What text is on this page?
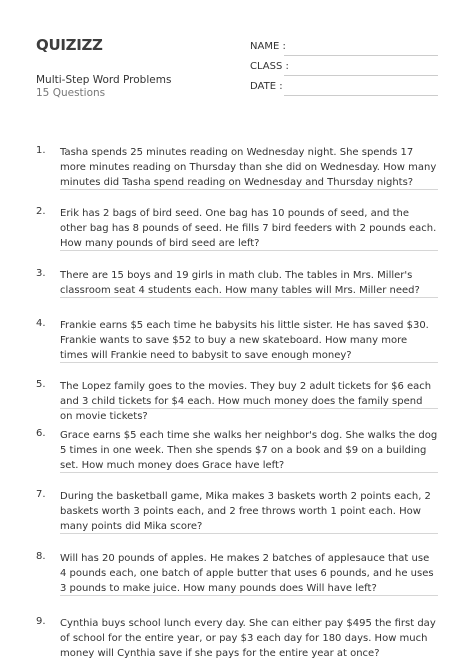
QUIZIZZ
Multi-Step Word Problems
15 Questions
NAME :
CLASS :
DATE :
1. Tasha spends 25 minutes reading on Wednesday night. She spends 17 more minutes reading on Thursday than she did on Wednesday. How many minutes did Tasha spend reading on Wednesday and Thursday nights?
2. Erik has 2 bags of bird seed. One bag has 10 pounds of seed, and the other bag has 8 pounds of seed. He fills 7 bird feeders with 2 pounds each. How many pounds of bird seed are left?
3. There are 15 boys and 19 girls in math club. The tables in Mrs. Miller's classroom seat 4 students each. How many tables will Mrs. Miller need?
4. Frankie earns $5 each time he babysits his little sister. He has saved $30. Frankie wants to save $52 to buy a new skateboard. How many more times will Frankie need to babysit to save enough money?
5. The Lopez family goes to the movies. They buy 2 adult tickets for $6 each and 3 child tickets for $4 each. How much money does the family spend on movie tickets?
6. Grace earns $5 each time she walks her neighbor's dog. She walks the dog 5 times in one week. Then she spends $7 on a book and $9 on a building set. How much money does Grace have left?
7. During the basketball game, Mika makes 3 baskets worth 2 points each, 2 baskets worth 3 points each, and 2 free throws worth 1 point each. How many points did Mika score?
8. Will has 20 pounds of apples. He makes 2 batches of applesauce that use 4 pounds each, one batch of apple butter that uses 6 pounds, and he uses 3 pounds to make juice. How many pounds does Will have left?
9. Cynthia buys school lunch every day. She can either pay $495 the first day of school for the entire year, or pay $3 each day for 180 days. How much money will Cynthia save if she pays for the entire year at once?
